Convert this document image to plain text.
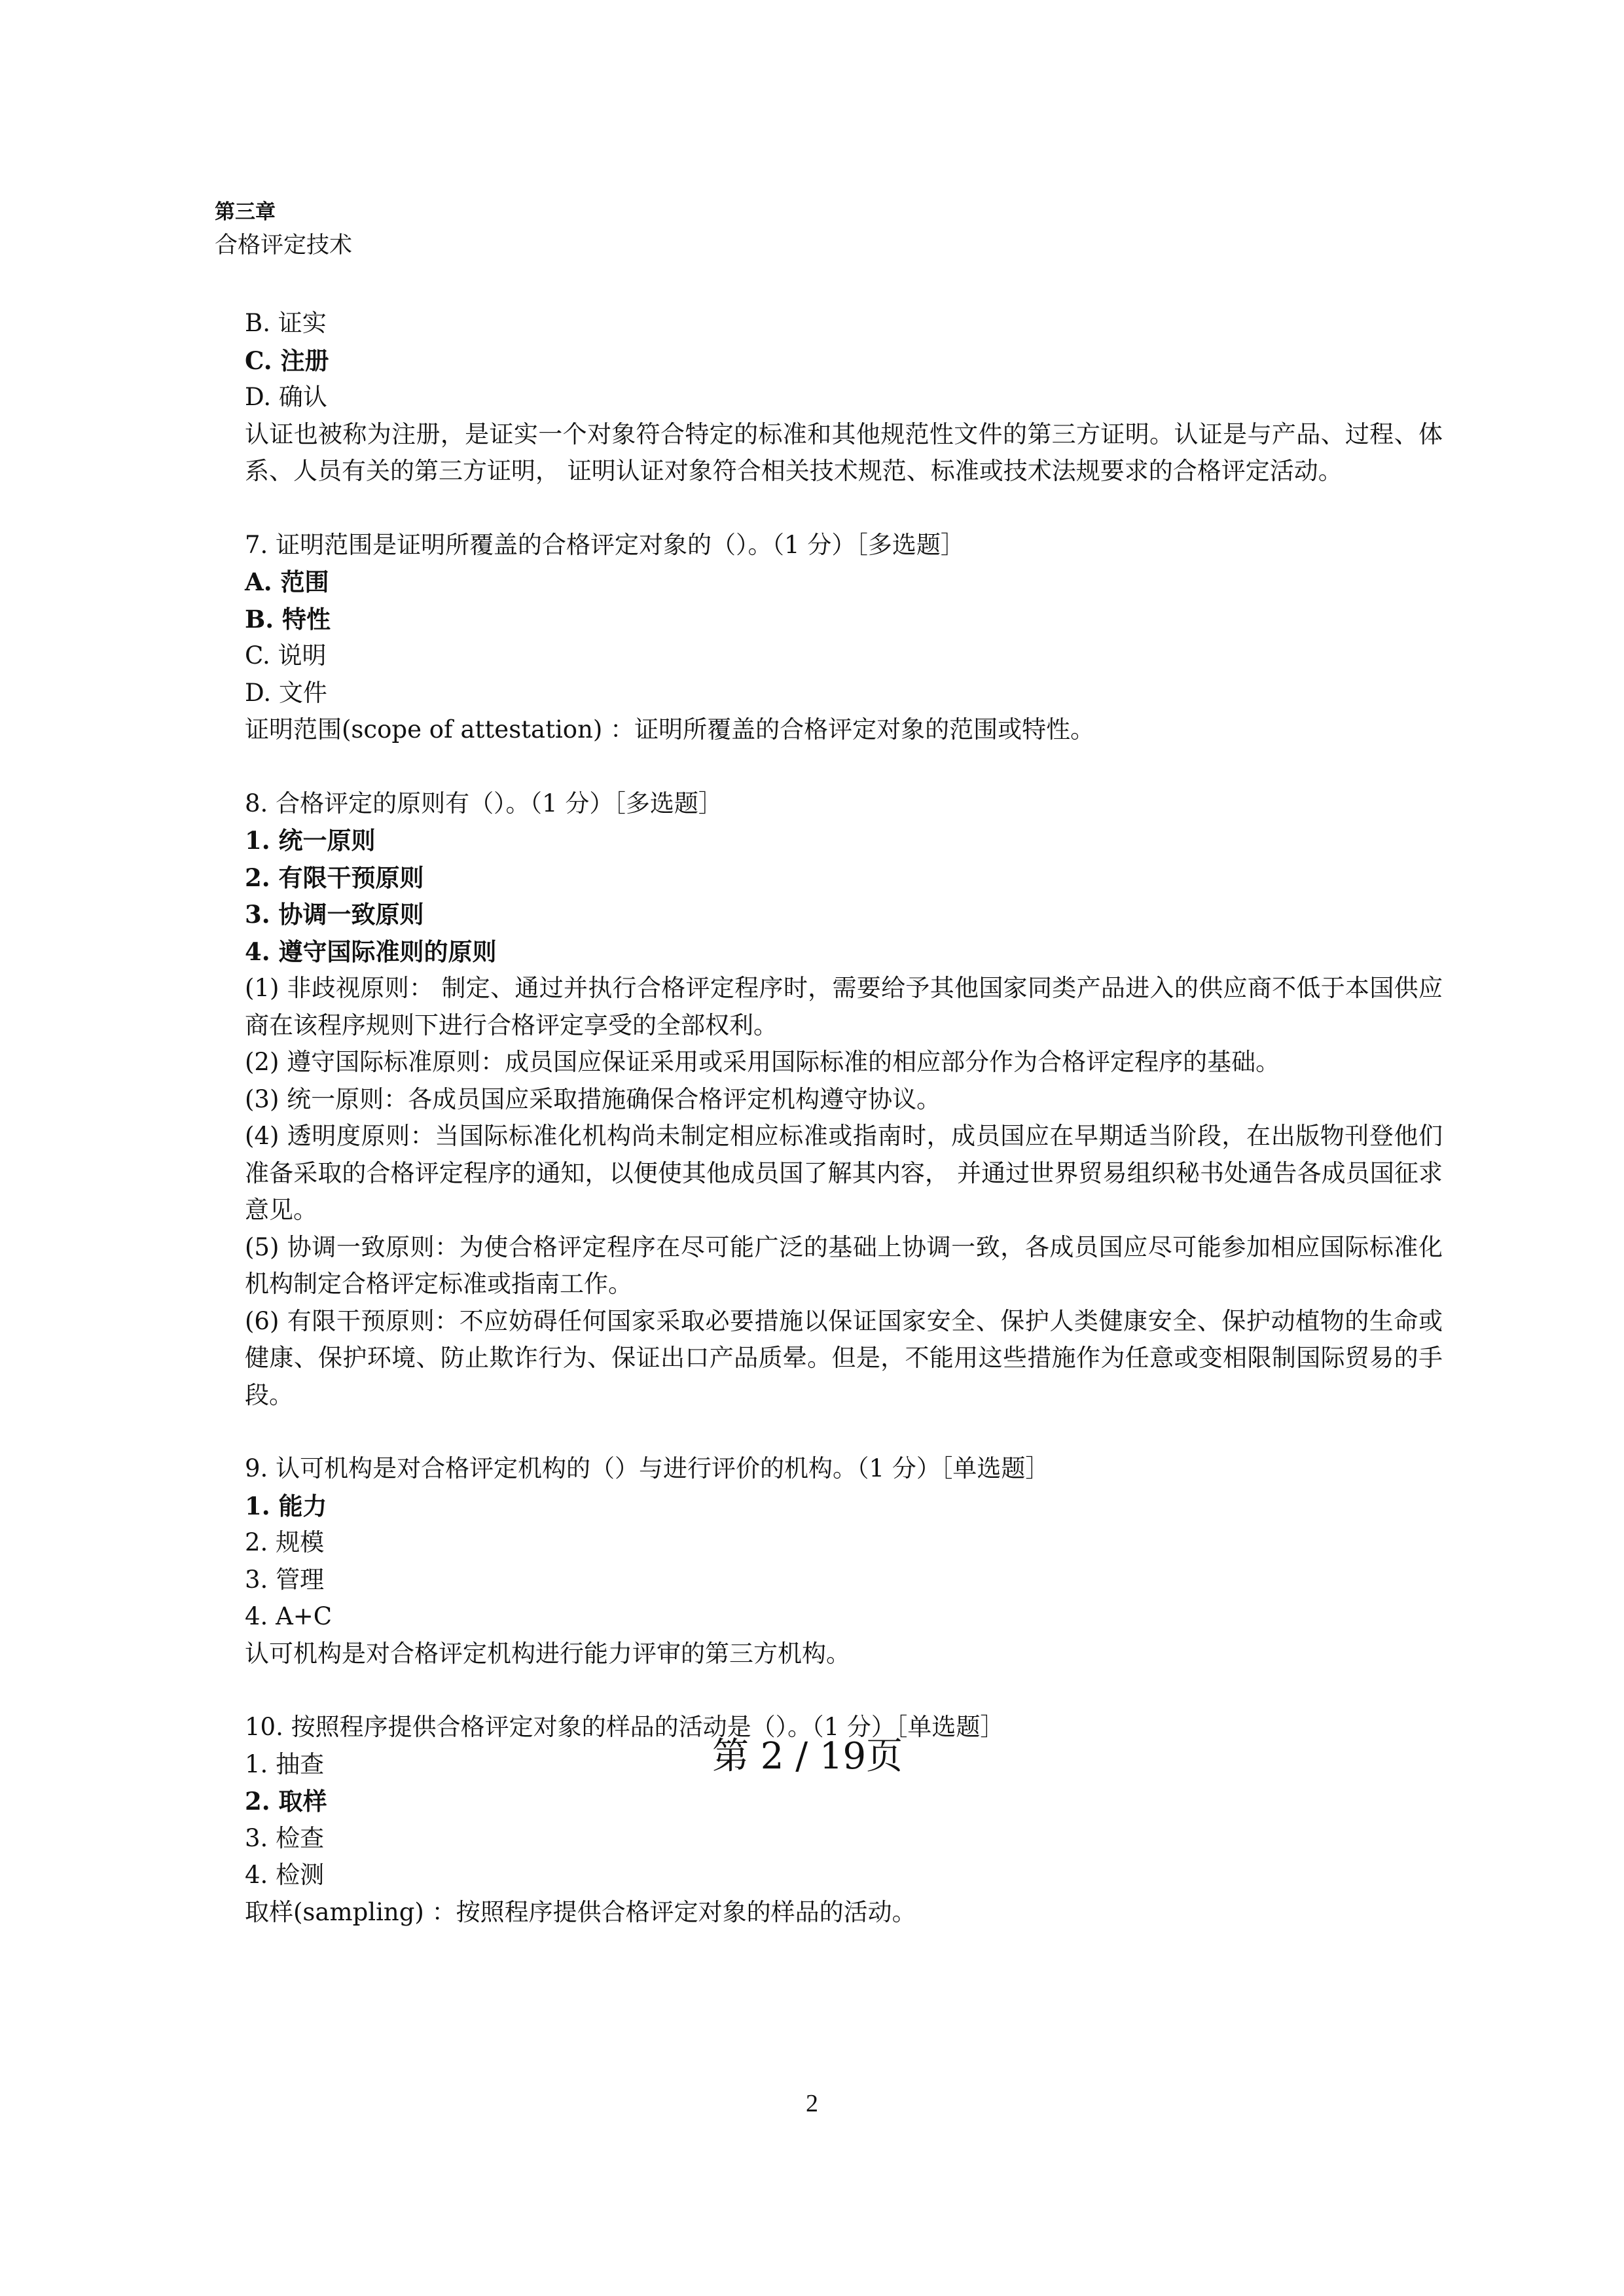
第三章
合格评定技术
B. 证实
C. 注册
D. 确认
认证也被称为注册，是证实一个对象符合特定的标准和其他规范性文件的第三方证明。认证是与产品、过程、体系、人员有关的第三方证明， 证明认证对象符合相关技术规范、标准或技术法规要求的合格评定活动。
7. 证明范围是证明所覆盖的合格评定对象的（）。（1 分）［多选题］
A. 范围
B. 特性
C. 说明
D. 文件
证明范围(scope of attestation) ：证明所覆盖的合格评定对象的范围或特性。
8. 合格评定的原则有（）。（1 分）［多选题］
1. 统一原则
2. 有限干预原则
3. 协调一致原则
4. 遵守国际准则的原则
(1) 非歧视原则： 制定、通过并执行合格评定程序时，需要给予其他国家同类产品进入的供应商不低于本国供应商在该程序规则下进行合格评定享受的全部权利。
(2) 遵守国际标准原则：成员国应保证采用或采用国际标准的相应部分作为合格评定程序的基础。
(3) 统一原则：各成员国应采取措施确保合格评定机构遵守协议。
(4) 透明度原则：当国际标准化机构尚未制定相应标准或指南时，成员国应在早期适当阶段，在出版物刊登他们准备采取的合格评定程序的通知，以便使其他成员国了解其内容， 并通过世界贸易组织秘书处通告各成员国征求意见。
(5) 协调一致原则：为使合格评定程序在尽可能广泛的基础上协调一致，各成员国应尽可能参加相应国际标准化机构制定合格评定标准或指南工作。
(6) 有限干预原则：不应妨碍任何国家采取必要措施以保证国家安全、保护人类健康安全、保护动植物的生命或健康、保护环境、防止欺诈行为、保证出口产品质晕。但是，不能用这些措施作为任意或变相限制国际贸易的手段。
9. 认可机构是对合格评定机构的（）与进行评价的机构。（1 分）［单选题］
1. 能力
2. 规模
3. 管理
4. A+C
认可机构是对合格评定机构进行能力评审的第三方机构。
10. 按照程序提供合格评定对象的样品的活动是（）。（1 分）［单选题］
1. 抽查
2. 取样
3. 检查
4. 检测
取样(sampling) ：按照程序提供合格评定对象的样品的活动。
第 2 / 19页
2
